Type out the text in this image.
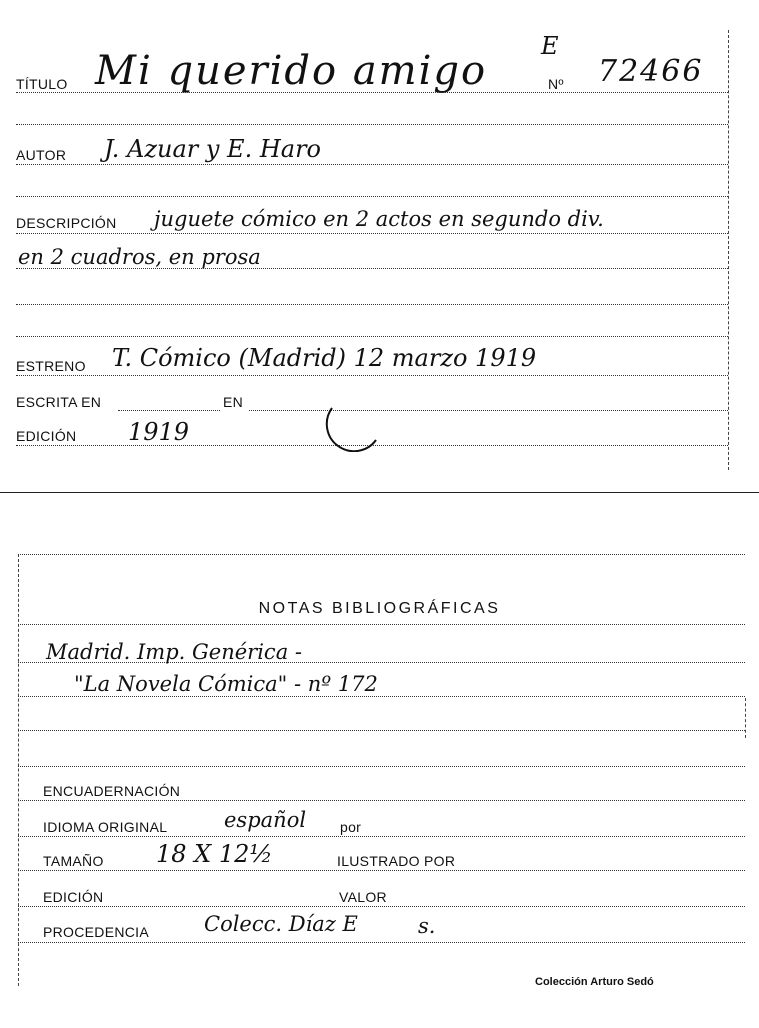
TÍTULO Mi querido amigo
E
Nº 72466
AUTOR J. Azuar y E. Haro
DESCRIPCIÓN juguete cómico en 2 actos en segundo div.
en 2 cuadros, en prosa
ESTRENO T. Cómico (Madrid) 12 marzo 1919
ESCRITA EN	EN
EDICIÓN 1919
NOTAS BIBLIOGRÁFICAS
Madrid. Imp. Genérica -
"La Novela Cómica" - nº 172
ENCUADERNACIÓN
IDIOMA ORIGINAL	español por
TAMAÑO 18 X 12½	ILUSTRADO POR
EDICIÓN	VALOR
PROCEDENCIA	Colecc. Díaz E	s.
Colección Arturo Sedó
